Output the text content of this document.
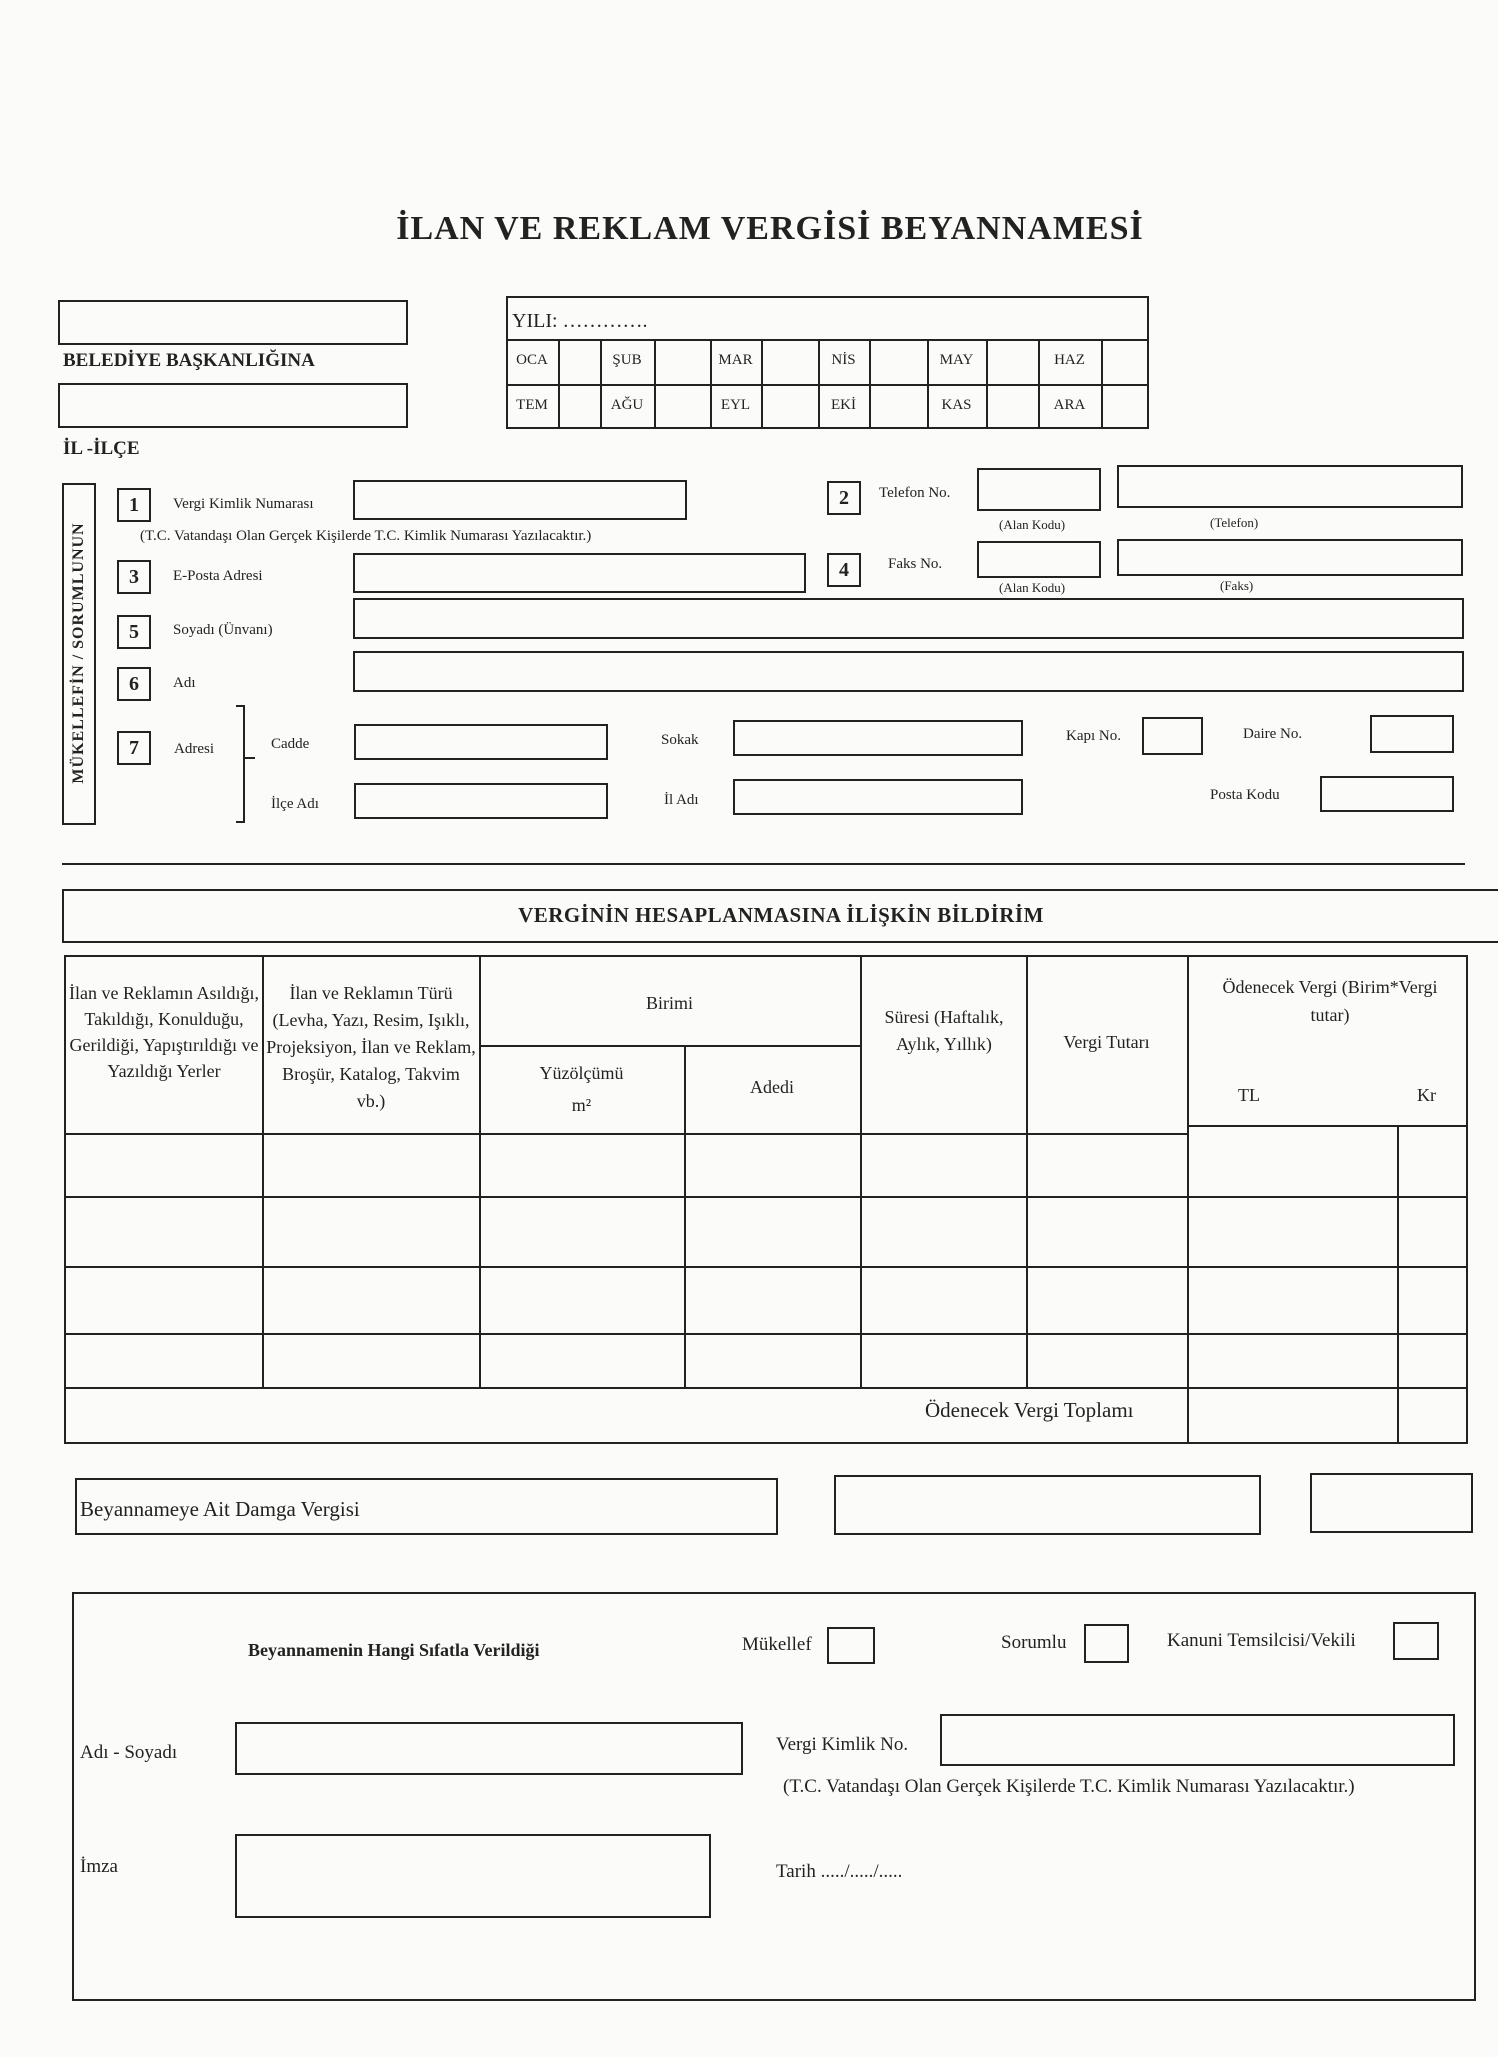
İLAN VE REKLAM VERGİSİ BEYANNAMESİ
BELEDİYE BAŞKANLIĞINA
İL -İLÇE
YILI: ………….
OCA	ŞUB	MAR	NİS	MAY	HAZ
TEM	AĞU	EYL	EKİ	KAS	ARA
MÜKELLEFİN / SORUMLUNUN
1	Vergi Kimlik Numarası
(T.C. Vatandaşı Olan Gerçek Kişilerde T.C. Kimlik Numarası Yazılacaktır.)
2	Telefon No.
(Alan Kodu)	(Telefon)
3	E-Posta Adresi	4	Faks No.
(Alan Kodu)	(Faks)
5	Soyadı (Ünvanı)
6	Adı
7	Adresi	Cadde	Sokak	Kapı No.	Daire No.
İlçe Adı	İl Adı	Posta Kodu
VERGİNİN HESAPLANMASINA İLİŞKİN BİLDİRİM
İlan ve Reklamın Asıldığı, Takıldığı, Konulduğu, Gerildiği, Yapıştırıldığı ve Yazıldığı Yerler
İlan ve Reklamın Türü (Levha, Yazı, Resim, Işıklı, Projeksiyon, İlan ve Reklam, Broşür, Katalog, Takvim vb.)
Birimi
Yüzölçümü
m²
Adedi
Süresi (Haftalık, Aylık, Yıllık)	Vergi Tutarı
Ödenecek Vergi (Birim*Vergi tutar)
TL	Kr
Ödenecek Vergi Toplamı
Beyannameye Ait Damga Vergisi
Beyannamenin Hangi Sıfatla Verildiği	Mükellef	Sorumlu	Kanuni Temsilcisi/Vekili
Adı - Soyadı	Vergi Kimlik No.
(T.C. Vatandaşı Olan Gerçek Kişilerde T.C. Kimlik Numarası Yazılacaktır.)
İmza	Tarih ...../...../.....
